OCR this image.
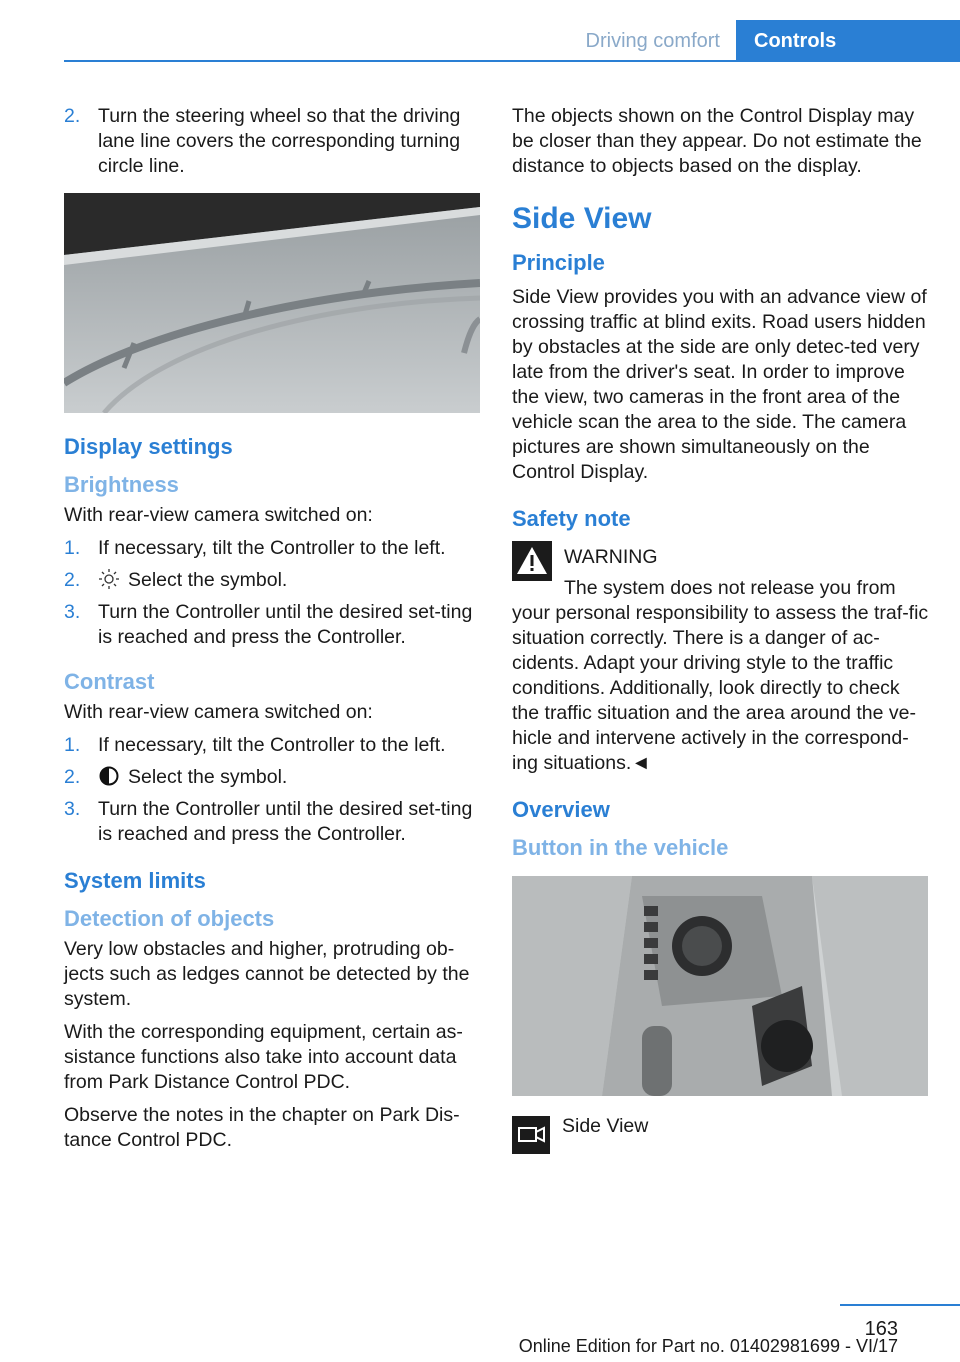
Driving comfort	Controls
2. Turn the steering wheel so that the driving lane line covers the corresponding turning circle line.
Display settings
Brightness

With rear-view camera switched on:

1. If necessary, tilt the Controller to the left.
2. Select the symbol.
3. Turn the Controller until the desired set‐ting is reached and press the Controller.
Contrast

With rear-view camera switched on:

1. If necessary, tilt the Controller to the left.
2. Select the symbol.
3. Turn the Controller until the desired set‐ting is reached and press the Controller.
System limits
Detection of objects

Very low obstacles and higher, protruding ob‐jects such as ledges cannot be detected by the system.

With the corresponding equipment, certain as‐sistance functions also take into account data from Park Distance Control PDC.

Observe the notes in the chapter on Park Dis‐tance Control PDC.

The objects shown on the Control Display may be closer than they appear. Do not estimate the distance to objects based on the display.

Side View
Principle

Side View provides you with an advance view of crossing traffic at blind exits. Road users hidden by obstacles at the side are only detec‐ted very late from the driver's seat. In order to improve the view, two cameras in the front area of the vehicle scan the area to the side. The camera pictures are shown simultaneously on the Control Display.

Safety note
WARNING
The system does not release you from

your personal responsibility to assess the traf‐fic situation correctly. There is a danger of ac‐cidents. Adapt your driving style to the traffic conditions. Additionally, look directly to check the traffic situation and the area around the ve‐hicle and intervene actively in the correspond‐ing situations.◄

Overview
Button in the vehicle
Side View
163
Online Edition for Part no. 01402981699 - VI/17
